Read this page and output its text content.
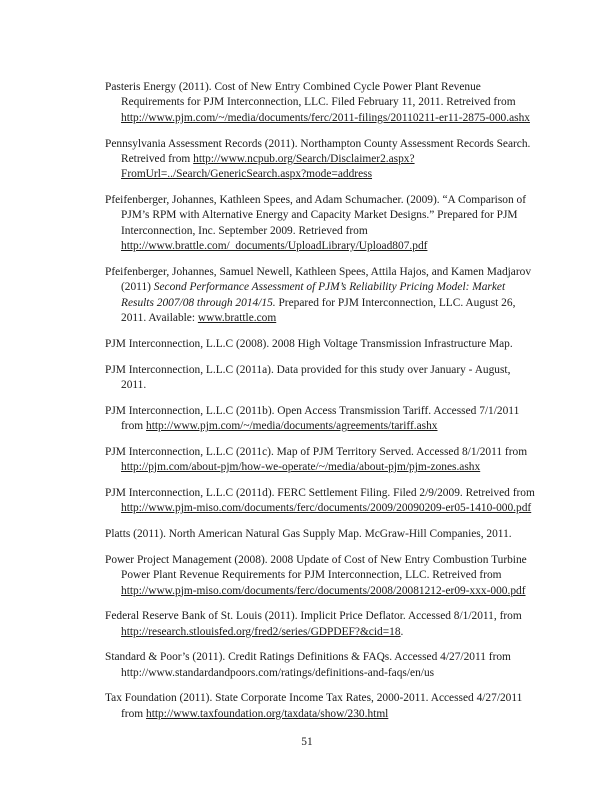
Pasteris Energy (2011). Cost of New Entry Combined Cycle Power Plant Revenue Requirements for PJM Interconnection, LLC. Filed February 11, 2011. Retreived from http://www.pjm.com/~/media/documents/ferc/2011-filings/20110211-er11-2875-000.ashx

Pennsylvania Assessment Records (2011). Northampton County Assessment Records Search. Retreived from http://www.ncpub.org/Search/Disclaimer2.aspx?FromUrl=../Search/GenericSearch.aspx?mode=address

Pfeifenberger, Johannes, Kathleen Spees, and Adam Schumacher. (2009). “A Comparison of PJM’s RPM with Alternative Energy and Capacity Market Designs.” Prepared for PJM Interconnection, Inc. September 2009. Retrieved from http://www.brattle.com/_documents/UploadLibrary/Upload807.pdf

Pfeifenberger, Johannes, Samuel Newell, Kathleen Spees, Attila Hajos, and Kamen Madjarov (2011) Second Performance Assessment of PJM’s Reliability Pricing Model: Market Results 2007/08 through 2014/15. Prepared for PJM Interconnection, LLC. August 26, 2011. Available: www.brattle.com

PJM Interconnection, L.L.C (2008). 2008 High Voltage Transmission Infrastructure Map.

PJM Interconnection, L.L.C (2011a). Data provided for this study over January - August, 2011.

PJM Interconnection, L.L.C (2011b). Open Access Transmission Tariff. Accessed 7/1/2011 from http://www.pjm.com/~/media/documents/agreements/tariff.ashx

PJM Interconnection, L.L.C (2011c). Map of PJM Territory Served. Accessed 8/1/2011 from http://pjm.com/about-pjm/how-we-operate/~/media/about-pjm/pjm-zones.ashx

PJM Interconnection, L.L.C (2011d). FERC Settlement Filing. Filed 2/9/2009. Retreived from http://www.pjm-miso.com/documents/ferc/documents/2009/20090209-er05-1410-000.pdf

Platts (2011). North American Natural Gas Supply Map. McGraw-Hill Companies, 2011.

Power Project Management (2008). 2008 Update of Cost of New Entry Combustion Turbine Power Plant Revenue Requirements for PJM Interconnection, LLC. Retreived from http://www.pjm-miso.com/documents/ferc/documents/2008/20081212-er09-xxx-000.pdf

Federal Reserve Bank of St. Louis (2011). Implicit Price Deflator. Accessed 8/1/2011, from http://research.stlouisfed.org/fred2/series/GDPDEF?&cid=18.

Standard & Poor’s (2011). Credit Ratings Definitions & FAQs. Accessed 4/27/2011 from http://www.standardandpoors.com/ratings/definitions-and-faqs/en/us

Tax Foundation (2011). State Corporate Income Tax Rates, 2000-2011. Accessed 4/27/2011 from http://www.taxfoundation.org/taxdata/show/230.html

51
